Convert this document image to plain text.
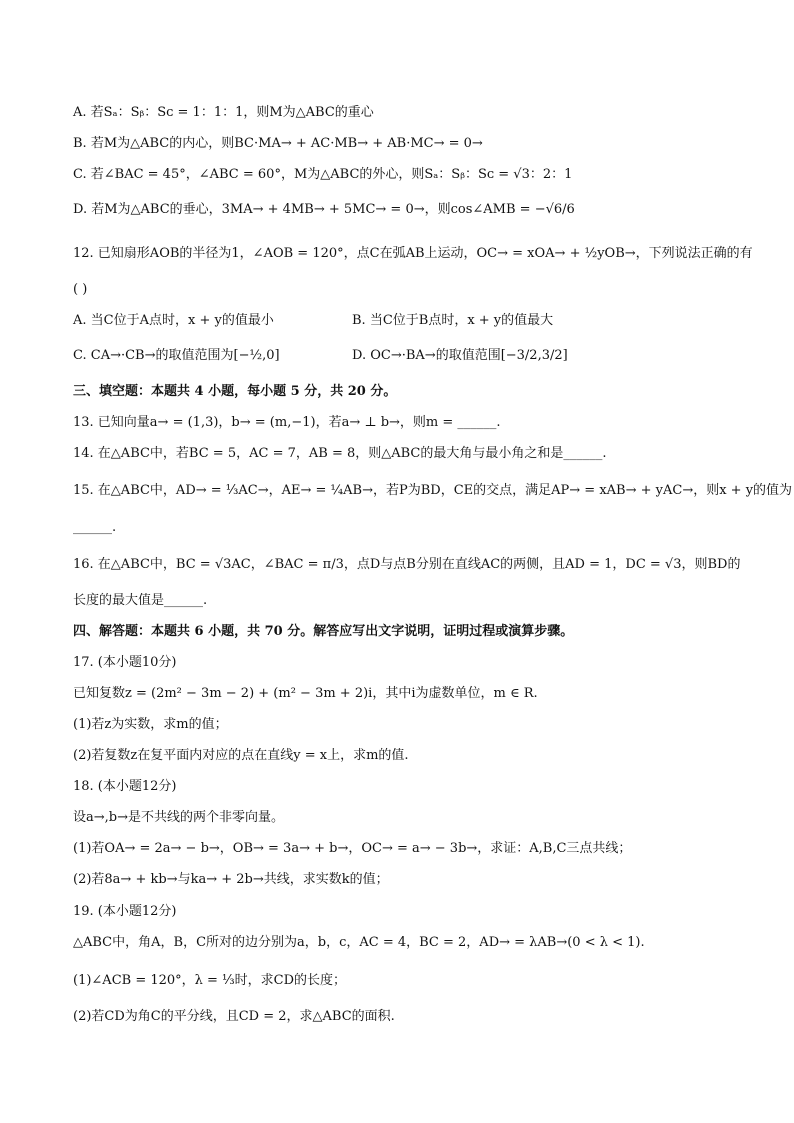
A. 若Sₐ：Sᵦ：Sᴄ = 1：1：1，则M为△ABC的重心
B. 若M为△ABC的内心，则BC·MA→ + AC·MB→ + AB·MC→ = 0→
C. 若∠BAC = 45°，∠ABC = 60°，M为△ABC的外心，则Sₐ：Sᵦ：Sᴄ = √3：2：1
D. 若M为△ABC的垂心，3MA→ + 4MB→ + 5MC→ = 0→，则cos∠AMB = −√6/6
12. 已知扇形AOB的半径为1，∠AOB = 120°，点C在弧AB上运动，OC→ = xOA→ + ½yOB→，下列说法正确的有
( )
A. 当C位于A点时，x + y的值最小	B. 当C位于B点时，x + y的值最大
C. CA→·CB→的取值范围为[−½,0]	D. OC→·BA→的取值范围[−3/2,3/2]
三、填空题：本题共 4 小题，每小题 5 分，共 20 分。
13. 已知向量a→ = (1,3)，b→ = (m,−1)，若a→ ⊥ b→，则m = ______.
14. 在△ABC中，若BC = 5，AC = 7，AB = 8，则△ABC的最大角与最小角之和是______.
15. 在△ABC中，AD→ = ⅓AC→，AE→ = ¼AB→，若P为BD，CE的交点，满足AP→ = xAB→ + yAC→，则x + y的值为
______.
16. 在△ABC中，BC = √3AC，∠BAC = π/3，点D与点B分别在直线AC的两侧，且AD = 1，DC = √3，则BD的
长度的最大值是______.
四、解答题：本题共 6 小题，共 70 分。解答应写出文字说明，证明过程或演算步骤。
17. (本小题10分)
已知复数z = (2m² − 3m − 2) + (m² − 3m + 2)i，其中i为虚数单位，m ∈ R.
(1)若z为实数，求m的值；
(2)若复数z在复平面内对应的点在直线y = x上，求m的值.
18. (本小题12分)
设a→,b→是不共线的两个非零向量。
(1)若OA→ = 2a→ − b→，OB→ = 3a→ + b→，OC→ = a→ − 3b→，求证：A,B,C三点共线；
(2)若8a→ + kb→与ka→ + 2b→共线，求实数k的值；
19. (本小题12分)
△ABC中，角A，B，C所对的边分别为a，b，c，AC = 4，BC = 2，AD→ = λAB→(0 < λ < 1).
(1)∠ACB = 120°，λ = ⅓时，求CD的长度；
(2)若CD为角C的平分线，且CD = 2，求△ABC的面积.
